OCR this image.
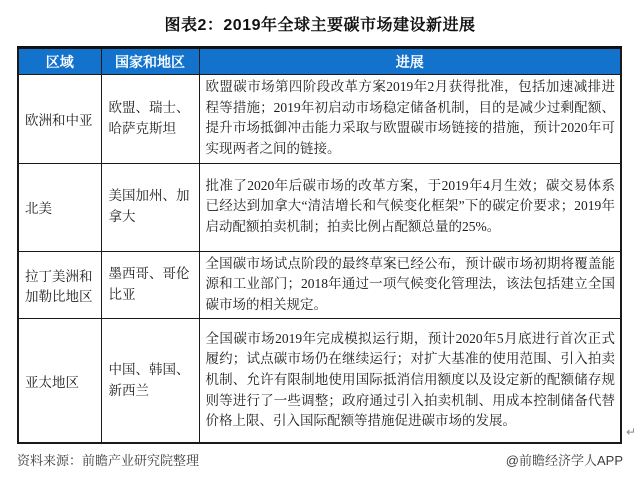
图表2：2019年全球主要碳市场建设新进展
区域	国家和地区	进展
欧洲和中亚	欧盟、瑞士、哈萨克斯坦	欧盟碳市场第四阶段改革方案2019年2月获得批准，包括加速减排进程等措施；2019年初启动市场稳定储备机制，目的是减少过剩配额、提升市场抵御冲击能力采取与欧盟碳市场链接的措施，预计2020年可实现两者之间的链接。
北美	美国加州、加拿大	批准了2020年后碳市场的改革方案，于2019年4月生效；碳交易体系已经达到加拿大“清洁增长和气候变化框架”下的碳定价要求；2019年启动配额拍卖机制；拍卖比例占配额总量的25%。
拉丁美洲和加勒比地区	墨西哥、哥伦比亚	全国碳市场试点阶段的最终草案已经公布，预计碳市场初期将覆盖能源和工业部门；2018年通过一项气候变化管理法，该法包括建立全国碳市场的相关规定。
亚太地区	中国、韩国、新西兰	全国碳市场2019年完成模拟运行期，预计2020年5月底进行首次正式履约；试点碳市场仍在继续运行；对扩大基准的使用范围、引入拍卖机制、允许有限制地使用国际抵消信用额度以及设定新的配额储存规则等进行了一些调整；政府通过引入拍卖机制、用成本控制储备代替价格上限、引入国际配额等措施促进碳市场的发展。
↵
资料来源：前瞻产业研究院整理	@前瞻经济学人APP
